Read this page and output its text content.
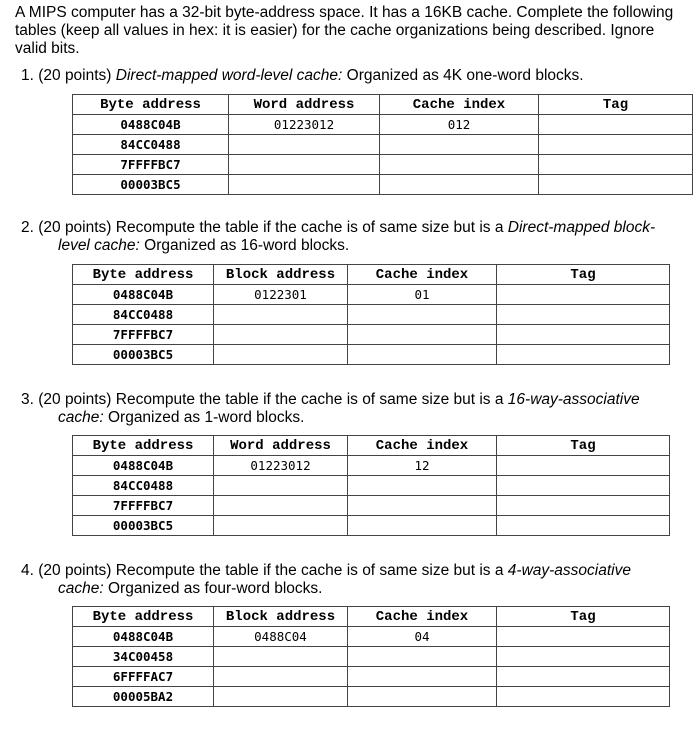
A MIPS computer has a 32-bit byte-address space. It has a 16KB cache. Complete the following tables (keep all values in hex: it is easier) for the cache organizations being described. Ignore valid bits.
1. (20 points) Direct-mapped word-level cache: Organized as 4K one-word blocks.
Byte address	Word address	Cache index	Tag
0488C04B	01223012	012	
84CC0488			
7FFFFBC7			
00003BC5			
2. (20 points) Recompute the table if the cache is of same size but is a Direct-mapped block-
level cache: Organized as 16-word blocks.
Byte address	Block address	Cache index	Tag
0488C04B	0122301	01	
84CC0488			
7FFFFBC7			
00003BC5			
3. (20 points) Recompute the table if the cache is of same size but is a 16-way-associative
cache: Organized as 1-word blocks.
Byte address	Word address	Cache index	Tag
0488C04B	01223012	12	
84CC0488			
7FFFFBC7			
00003BC5			
4. (20 points) Recompute the table if the cache is of same size but is a 4-way-associative
cache: Organized as four-word blocks.
Byte address	Block address	Cache index	Tag
0488C04B	0488C04	04	
34C00458			
6FFFFAC7			
00005BA2			
